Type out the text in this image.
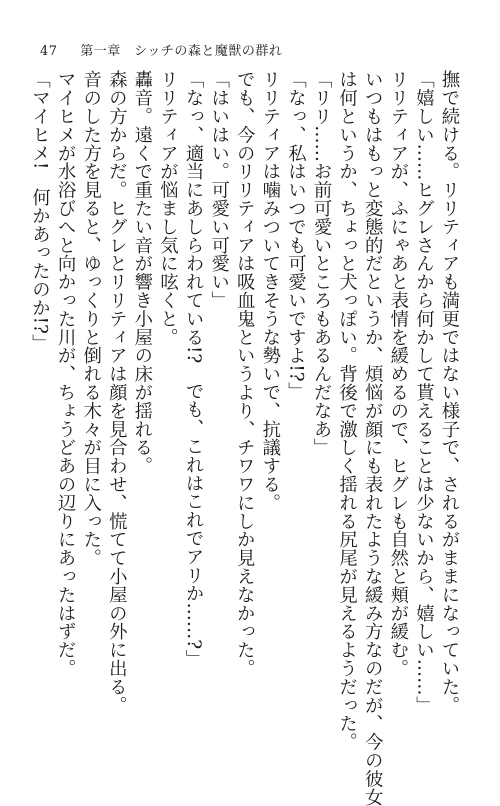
47 第一章　シッチの森と魔獣の群れ

撫で続ける。リリティアも満更ではない様子で、されるがままになっていた。

「嬉しい……ヒグレさんから何かして貰えることは少ないから、嬉しい……」

リリティアが、ふにゃあと表情を緩めるので、ヒグレも自然と頬が緩む。

いつもはもっと変態的だというか、煩悩が顔にも表れたような緩み方なのだが、今の彼女

は何というか、ちょっと犬っぽい。背後で激しく揺れる尻尾が見えるようだった。

「リリ……お前可愛いところもあるんだなあ」

「なっ、私はいつでも可愛いですよ!?」

リリティアは噛みついてきそうな勢いで、抗議する。

でも、今のリリティアは吸血鬼というより、チワワにしか見えなかった。

「はいはい。可愛い可愛い」

「なっ、適当にあしらわれている!?　でも、これはこれでアリか……?」

リリティアが悩まし気に呟くと。

轟音。遠くで重たい音が響き小屋の床が揺れる。

森の方からだ。ヒグレとリリティアは顔を見合わせ、慌てて小屋の外に出る。

音のした方を見ると、ゆっくりと倒れる木々が目に入った。

マイヒメが水浴びへと向かった川が、ちょうどあの辺りにあったはずだ。

「マイヒメ!　何かあったのか!?」
